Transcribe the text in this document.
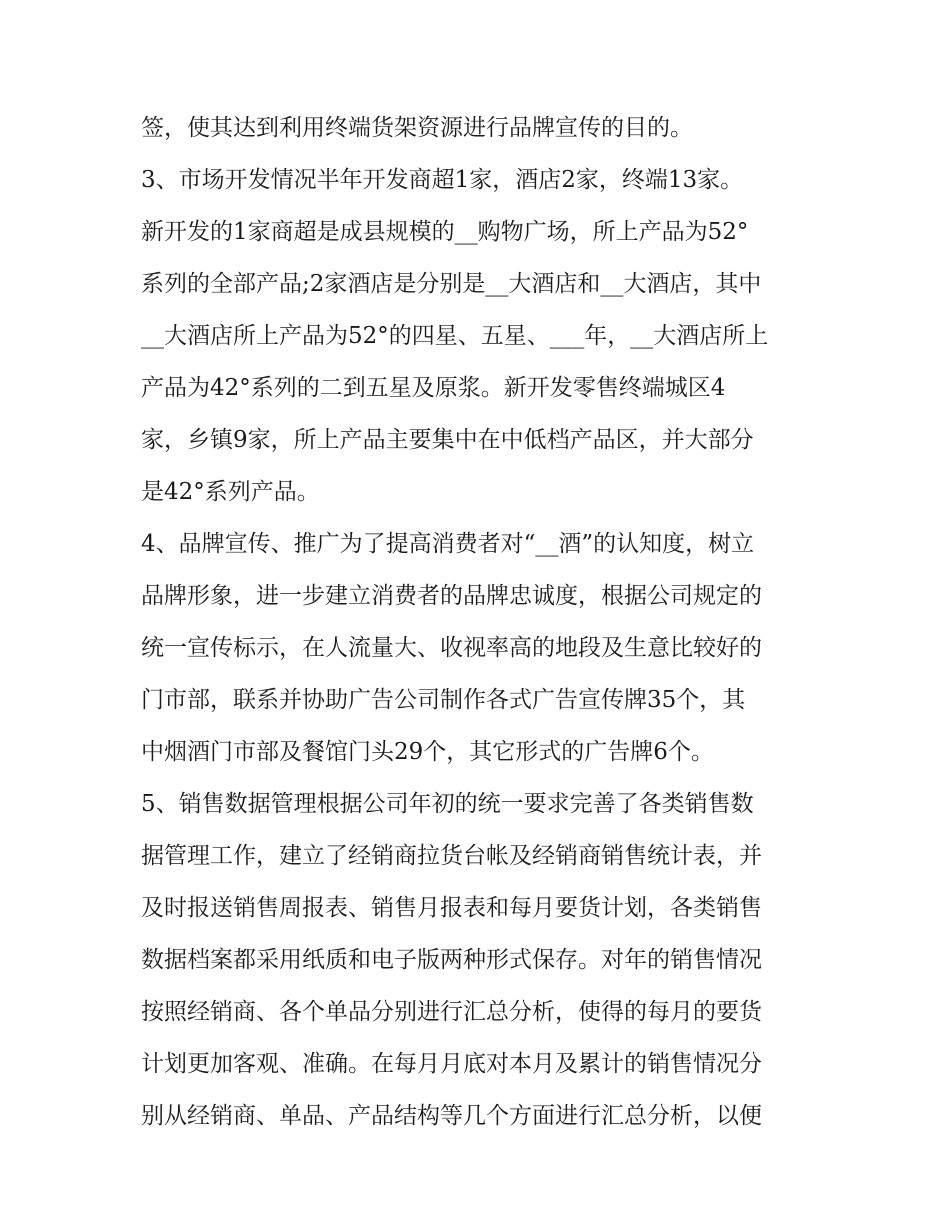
签，使其达到利用终端货架资源进行品牌宣传的目的。
3、市场开发情况半年开发商超1家，酒店2家，终端13家。
新开发的1家商超是成县规模的__购物广场，所上产品为52°
系列的全部产品;2家酒店是分别是__大酒店和__大酒店，其中
__大酒店所上产品为52°的四星、五星、___年，__大酒店所上
产品为42°系列的二到五星及原浆。新开发零售终端城区4
家，乡镇9家，所上产品主要集中在中低档产品区，并大部分
是42°系列产品。
4、品牌宣传、推广为了提高消费者对“__酒”的认知度，树立
品牌形象，进一步建立消费者的品牌忠诚度，根据公司规定的
统一宣传标示，在人流量大、收视率高的地段及生意比较好的
门市部，联系并协助广告公司制作各式广告宣传牌35个，其
中烟酒门市部及餐馆门头29个，其它形式的广告牌6个。
5、销售数据管理根据公司年初的统一要求完善了各类销售数
据管理工作，建立了经销商拉货台帐及经销商销售统计表，并
及时报送销售周报表、销售月报表和每月要货计划，各类销售
数据档案都采用纸质和电子版两种形式保存。对年的销售情况
按照经销商、各个单品分别进行汇总分析，使得的每月的要货
计划更加客观、准确。在每月月底对本月及累计的销售情况分
别从经销商、单品、产品结构等几个方面进行汇总分析，以便
